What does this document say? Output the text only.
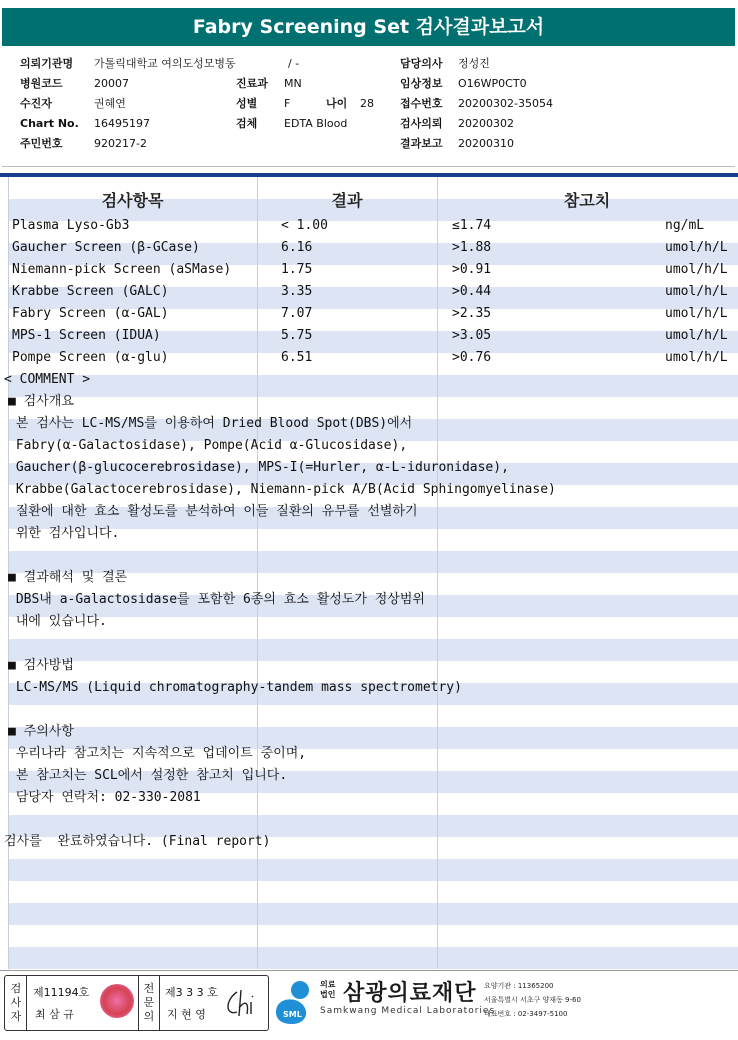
Fabry Screening Set 검사결과보고서
의뢰기관명 가톨릭대학교 여의도성모병동	/ -	담당의사 정성진
병원코드	20007	진료과 MN	임상정보 O16WP0CT0
수진자	권혜연	성별 F	나이 28 접수번호 20200302-35054
Chart No. 16495197	검체 EDTA Blood	검사의뢰 20200302
주민번호	920217-2	결과보고 20200310
검사항목	결과	참고치
Plasma Lyso-Gb3	< 1.00	≤1.74	ng/mL
Gaucher Screen (β-GCase)	6.16	>1.88	umol/h/L
Niemann-pick Screen (aSMase)	1.75	>0.91	umol/h/L
Krabbe Screen (GALC)	3.35	>0.44	umol/h/L
Fabry Screen (α-GAL)	7.07	>2.35	umol/h/L
MPS-1 Screen (IDUA)	5.75	>3.05	umol/h/L
Pompe Screen (α-glu)	6.51	>0.76	umol/h/L
< COMMENT >
■ 검사개요
본 검사는 LC-MS/MS를 이용하여 Dried Blood Spot(DBS)에서
Fabry(α-Galactosidase), Pompe(Acid α-Glucosidase),
Gaucher(β-glucocerebrosidase), MPS-I(=Hurler, α-L-iduronidase),
Krabbe(Galactocerebrosidase), Niemann-pick A/B(Acid Sphingomyelinase)
질환에 대한 효소 활성도를 분석하여 이들 질환의 유무를 선별하기
위한 검사입니다.
■ 결과해석 및 결론
DBS내 a-Galactosidase를 포함한 6종의 효소 활성도가 정상범위
내에 있습니다.
■ 검사방법
LC-MS/MS (Liquid chromatography-tandem mass spectrometry)
■ 주의사항
우리나라 참고치는 지속적으로 업데이트 중이며,
본 참고치는 SCL에서 설정한 참고치 입니다.
담당자 연락처: 02-330-2081
검사를  완료하였습니다. (Final report)
검
사
자
제11194호
최 삼 규
전
문
의
제3 3 3 호
지 현 영	SML
의료
법인 삼광의료재단
Samkwang Medical Laboratories
요양기관 : 11365200
서울특별시 서초구 양재동 9-60
대표번호 : 02-3497-5100
